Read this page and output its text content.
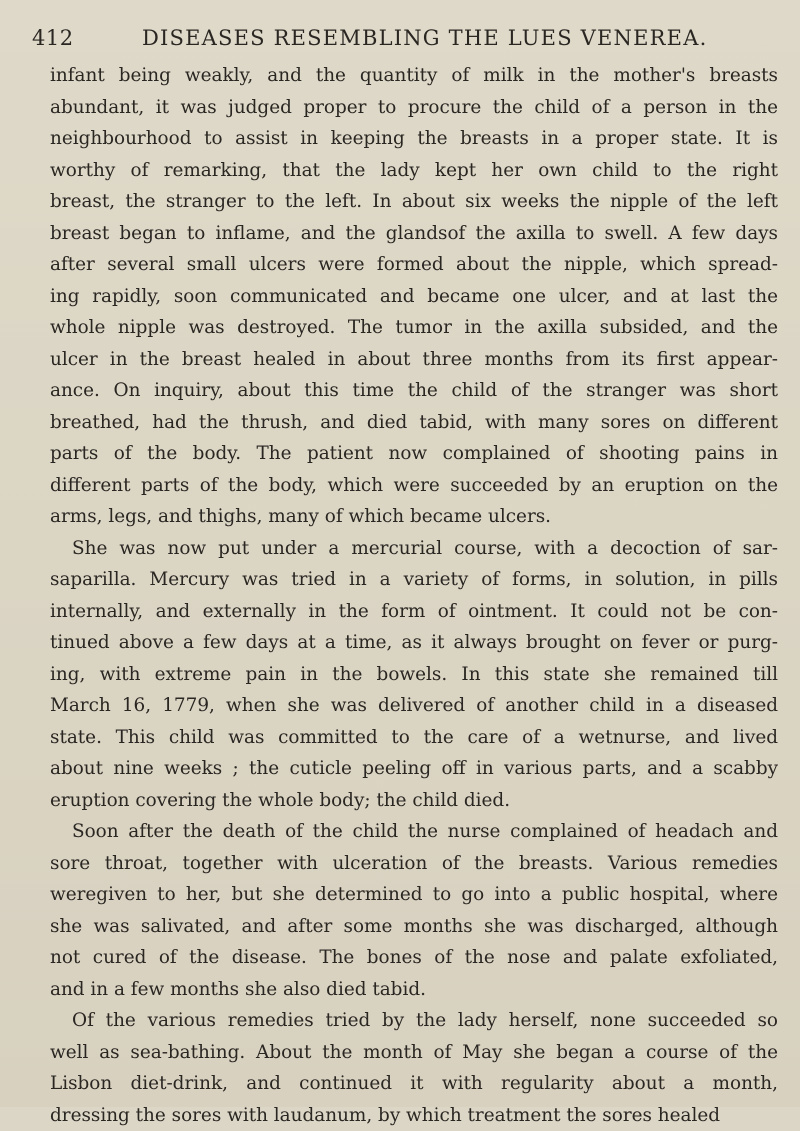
412	DISEASES RESEMBLING THE LUES VENEREA.
infant being weakly, and the quantity of milk in the mother's breasts
abundant, it was judged proper to procure the child of a person in the
neighbourhood to assist in keeping the breasts in a proper state. It is
worthy of remarking, that the lady kept her own child to the right
breast, the stranger to the left. In about six weeks the nipple of the left
breast began to inflame, and the glandsof the axilla to swell. A few days
after several small ulcers were formed about the nipple, which spread-
ing rapidly, soon communicated and became one ulcer, and at last the
whole nipple was destroyed. The tumor in the axilla subsided, and the
ulcer in the breast healed in about three months from its first appear-
ance. On inquiry, about this time the child of the stranger was short
breathed, had the thrush, and died tabid, with many sores on different
parts of the body. The patient now complained of shooting pains in
different parts of the body, which were succeeded by an eruption on the
arms, legs, and thighs, many of which became ulcers.
She was now put under a mercurial course, with a decoction of sar-
saparilla. Mercury was tried in a variety of forms, in solution, in pills
internally, and externally in the form of ointment. It could not be con-
tinued above a few days at a time, as it always brought on fever or purg-
ing, with extreme pain in the bowels. In this state she remained till
March 16, 1779, when she was delivered of another child in a diseased
state. This child was committed to the care of a wetnurse, and lived
about nine weeks ; the cuticle peeling off in various parts, and a scabby
eruption covering the whole body; the child died.
Soon after the death of the child the nurse complained of headach and
sore throat, together with ulceration of the breasts. Various remedies
weregiven to her, but she determined to go into a public hospital, where
she was salivated, and after some months she was discharged, although
not cured of the disease. The bones of the nose and palate exfoliated,
and in a few months she also died tabid.
Of the various remedies tried by the lady herself, none succeeded so
well as sea-bathing. About the month of May she began a course of the
Lisbon diet-drink, and continued it with regularity about a month,
dressing the sores with laudanum, by which treatment the sores healed
